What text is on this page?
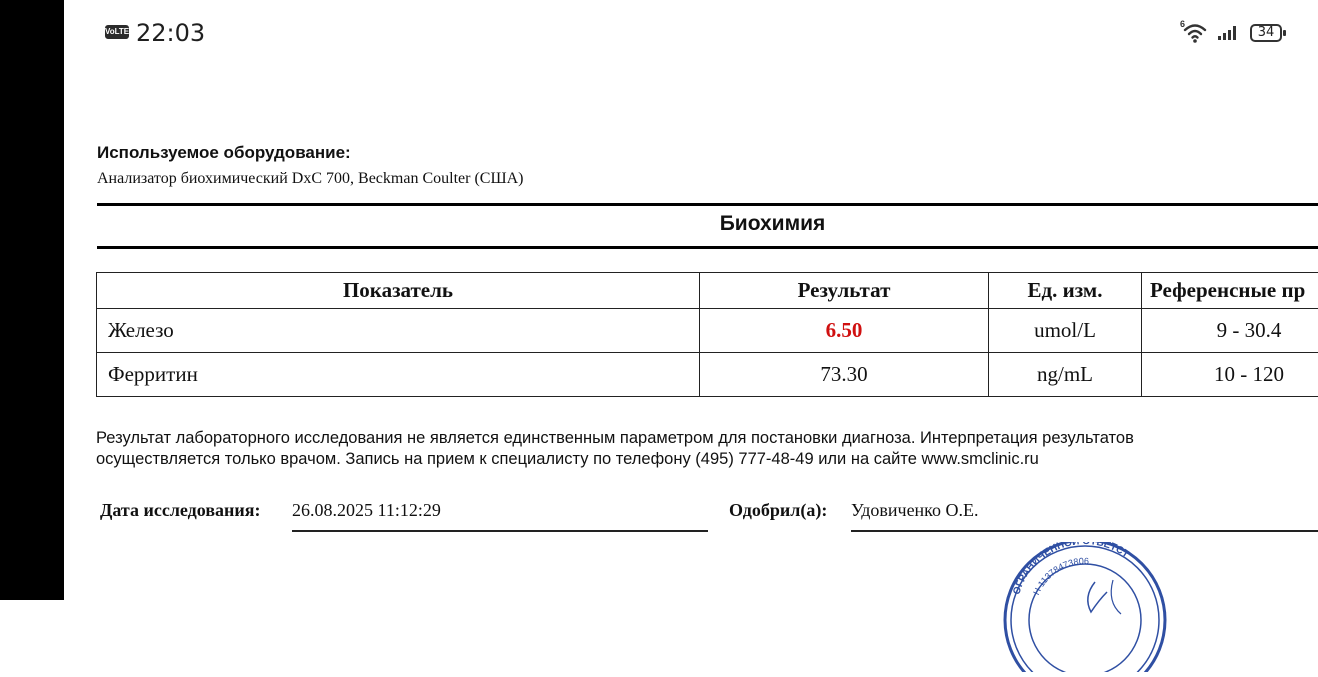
VoLTE 22:03	6
34
Используемое оборудование:
Анализатор биохимический DxC 700, Beckman Coulter (США)
Биохимия
Показатель	Результат	Ед. изм.	Референсные пр
Железо	6.50	umol/L	9 - 30.4
Ферритин	73.30	ng/mL	10 - 120
Результат лабораторного исследования не является единственным параметром для постановки диагноза. Интерпретация результатов
осуществляется только врачом. Запись на прием к специалисту по телефону (495) 777-48-49 или на сайте www.smclinic.ru
Дата исследования: 26.08.2025 11:12:29	Одобрил(а): Удовиченко О.Е.
ОГРАНИЧЕННОЙ ВЕТСТ
Н 11378473806
